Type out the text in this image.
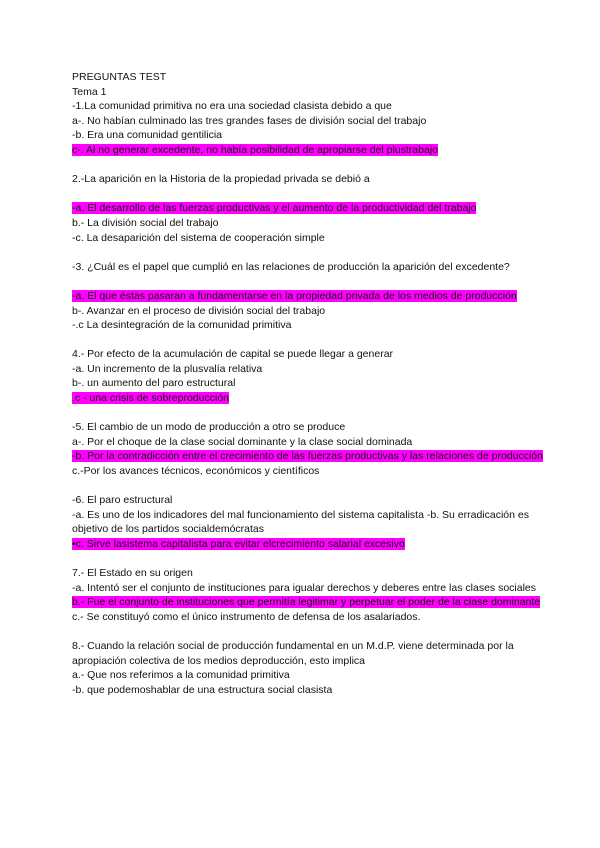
PREGUNTAS TEST
Tema 1
-1.La comunidad primitiva no era una sociedad clasista debido a que
a-. No habían culminado las tres grandes fases de división social del trabajo
-b. Era una comunidad gentilicia
c-. Al no generar excedente, no había posibilidad de apropiarse del plustrabajo
2.-La aparición en la Historia de la propiedad privada se debió a
-a. El desarrollo de las fuerzas productivas y el aumento de la productividad del trabajo
b.- La división social del trabajo
-c. La desaparición del sistema de cooperación simple
-3. ¿Cuál es el papel que cumplió en las relaciones de producción la aparición del excedente?
-a. El que éstas pasaran a fundamentarse en la propiedad privada de los medios de producción
b-. Avanzar en el proceso de división social del trabajo
-.c La desintegración de la comunidad primitiva
4.- Por efecto de la acumulación de capital se puede llegar a generar
-a. Un incremento de la plusvalía relativa
b-. un aumento del paro estructural
.c - una crisis de sobreproducción
-5. El cambio de un modo de producción a otro se produce
a-. Por el choque de la clase social dominante y la clase social dominada
-b. Por la contradicción entre el crecimiento de las fuerzas productivas y las relaciones de producción
c.-Por los avances técnicos, económicos y científicos
-6. El paro estructural
-a. Es uno de los indicadores del mal funcionamiento del sistema capitalista -b. Su erradicación es objetivo de los partidos socialdemócratas
•c. Sirve lasistema capitalista para evitar elcrecimiento salarial excesivo
7.- El Estado en su origen
-a. Intentó ser el conjunto de instituciones para igualar derechos y deberes entre las clases sociales
b.- Fue el conjunto de instituciones que permitía legitimar y perpetuar el poder de la clase dominante
c.- Se constituyó como el único instrumento de defensa de los asalariados.
8.- Cuando la relación social de producción fundamental en un M.d.P. viene determinada por la apropiación colectiva de los medios deproducción, esto implica
a.- Que nos referimos a la comunidad primitiva
-b. que podemoshablar de una estructura social clasista
